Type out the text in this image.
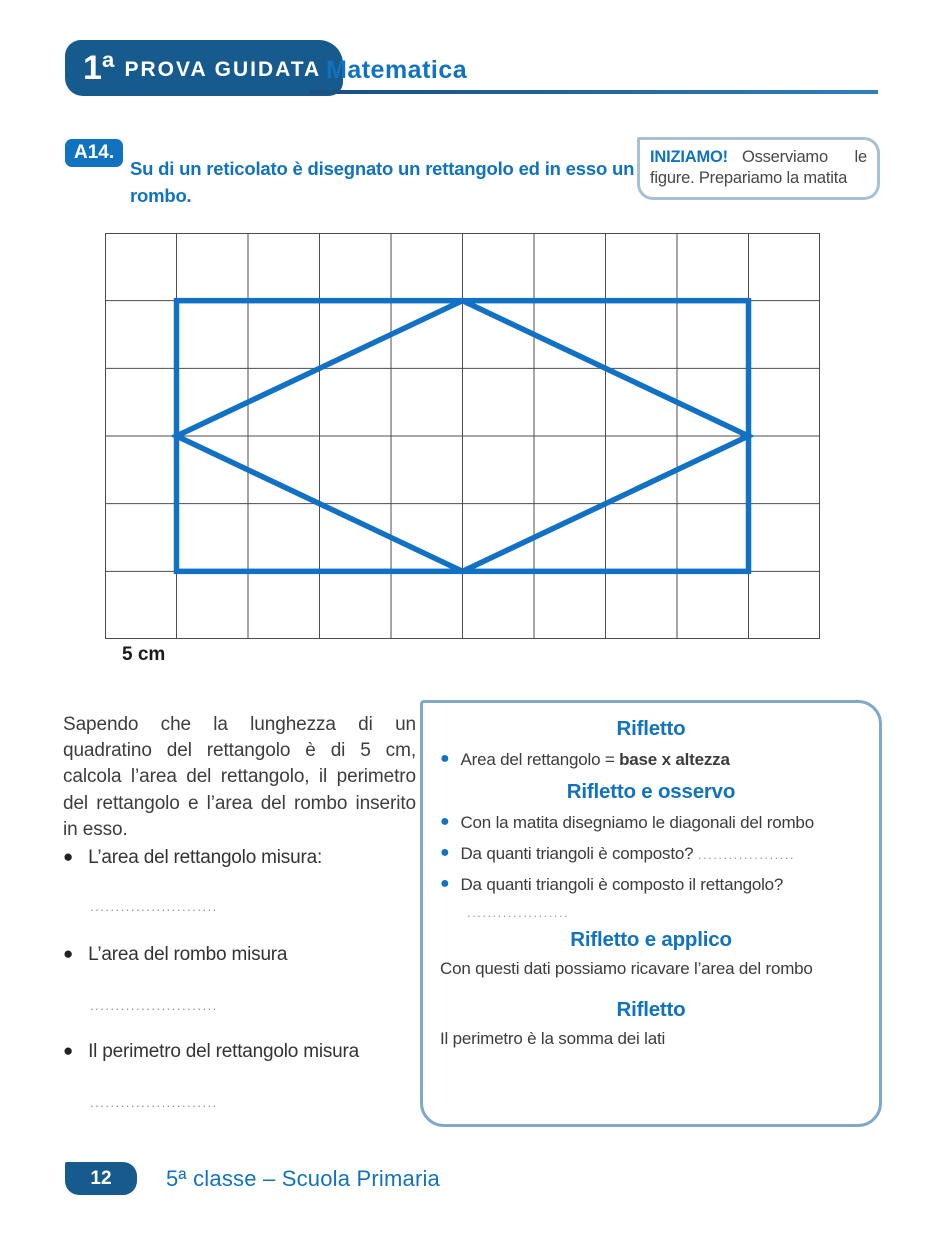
1ª PROVA GUIDATA Matematica
A14.

Su di un reticolato è disegnato un rettangolo ed in esso un rombo.

INIZIAMO! Osserviamo le figure. Prepariamo la matita
5 cm

Sapendo che la lunghezza di un quadratino del rettangolo è di 5 cm, calcola l’area del rettangolo, il perimetro del rettangolo e l’area del rombo inserito in esso.

● L’area del rettangolo misura:
.........................
● L’area del rombo misura
.........................
● Il perimetro del rettangolo misura
.........................
Rifletto
● Area del rettangolo = base x altezza
Rifletto e osservo
● Con la matita disegniamo le diagonali del rombo
● Da quanti triangoli è composto? ...................
● Da quanti triangoli è composto il rettangolo?
....................
Rifletto e applico

Con questi dati possiamo ricavare l’area del rombo

Rifletto

Il perimetro è la somma dei lati

12	5ª classe – Scuola Primaria
